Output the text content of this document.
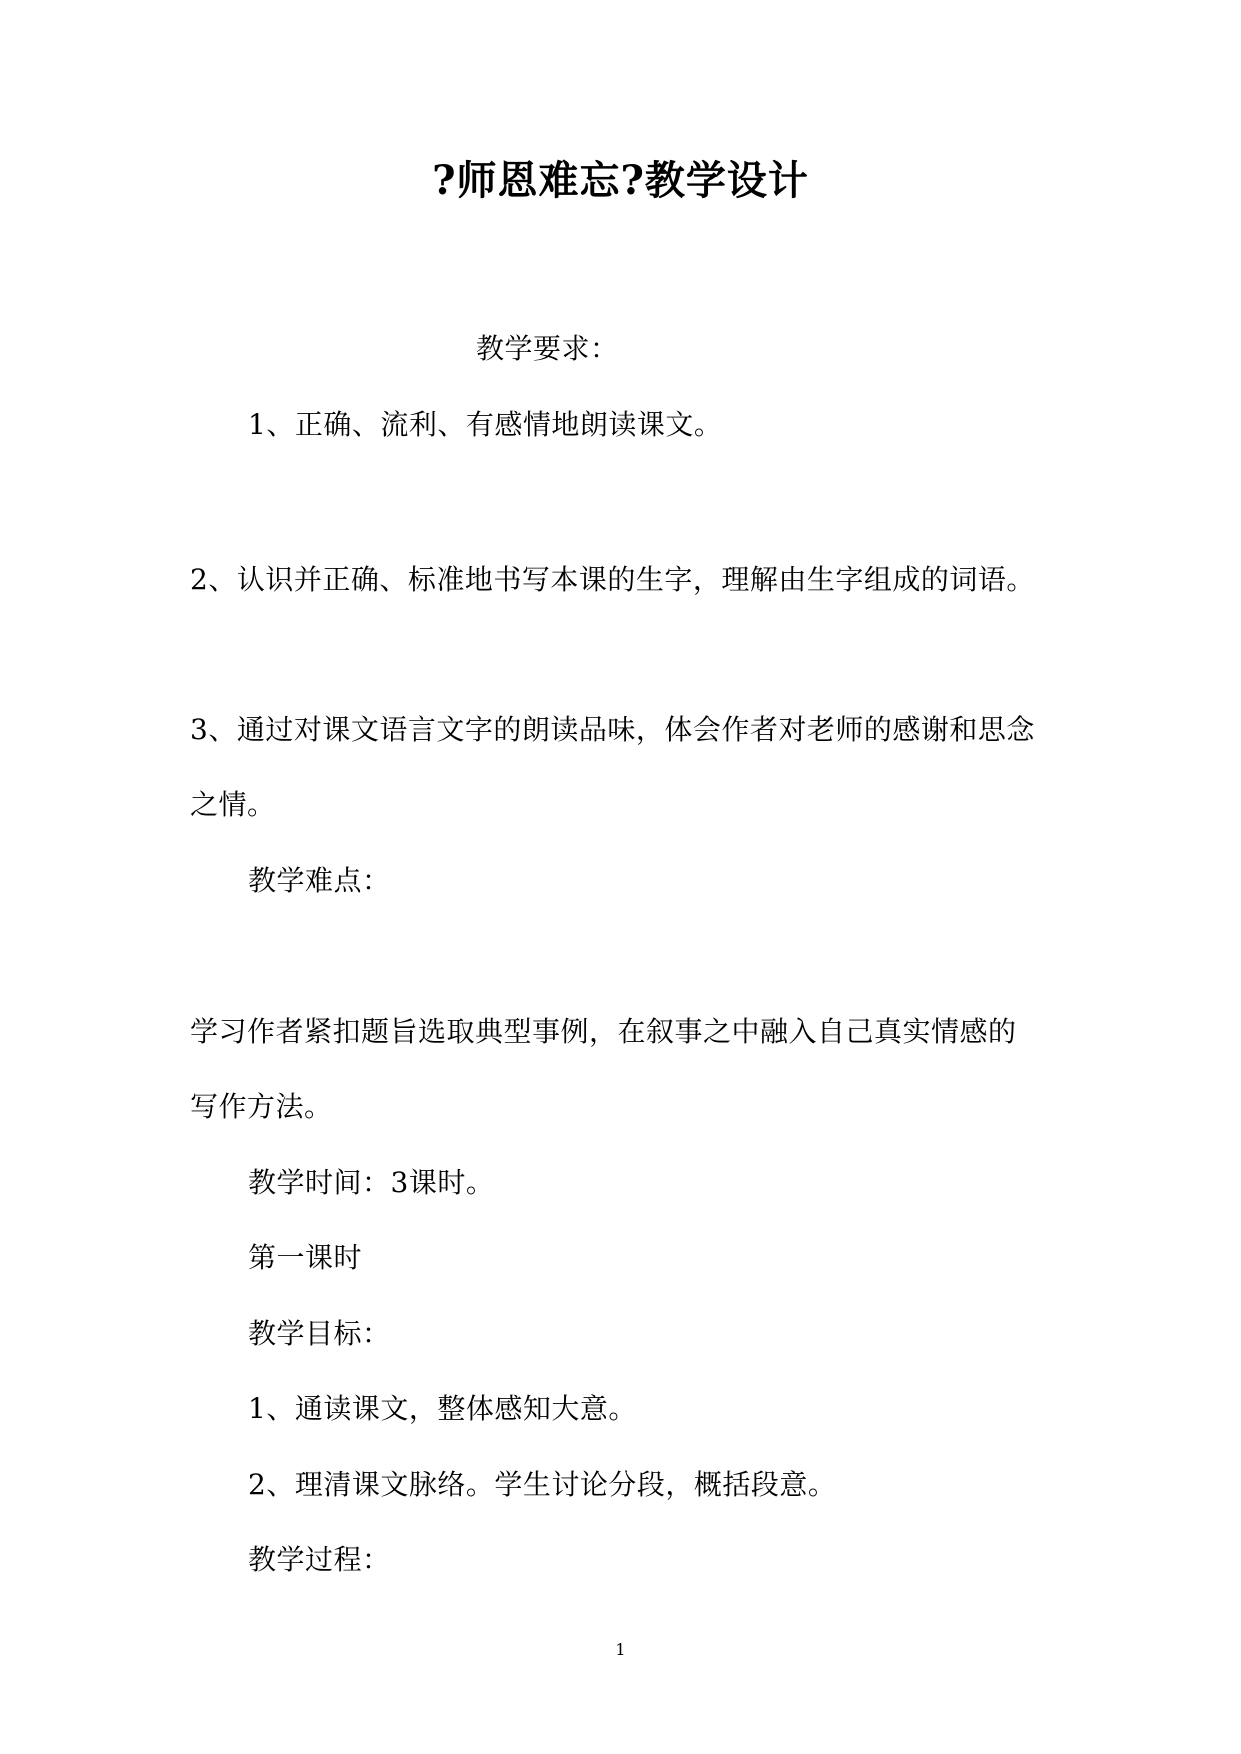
?师恩难忘?教学设计
教学要求：
1、正确、流利、有感情地朗读课文。
2、认识并正确、标准地书写本课的生字，理解由生字组成的词语。
3、通过对课文语言文字的朗读品味，体会作者对老师的感谢和思念
之情。
教学难点：
学习作者紧扣题旨选取典型事例，在叙事之中融入自己真实情感的
写作方法。
教学时间：3课时。
第一课时
教学目标：
1、通读课文，整体感知大意。
2、理清课文脉络。学生讨论分段，概括段意。
教学过程：
1
